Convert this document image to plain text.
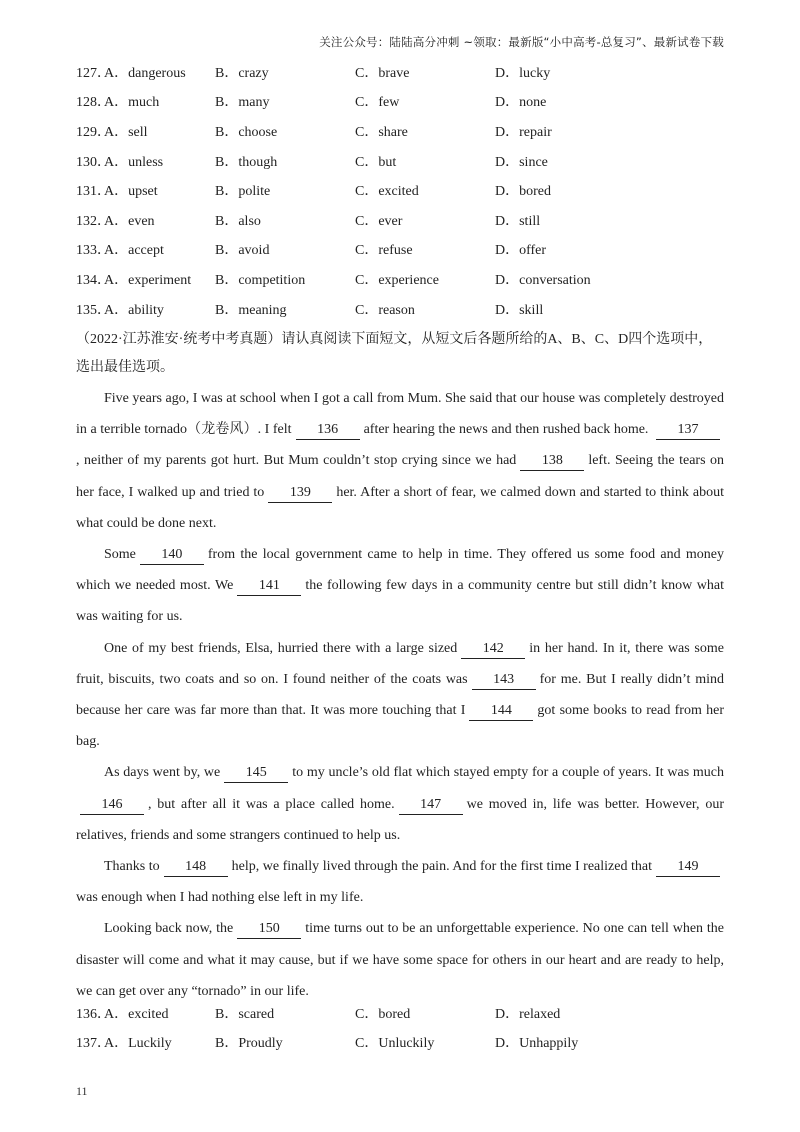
关注公众号：陆陆高分冲刺 ~领取：最新版“小中高考-总复习”、最新试卷下载
127．
A．dangerous	B．crazy	C．brave	D．lucky
128．
A．much	B．many	C．few	D．none
129．
A．sell	B．choose	C．share	D．repair
130．
A．unless	B．though	C．but	D．since
131．
A．upset	B．polite	C．excited	D．bored
132．
A．even	B．also	C．ever	D．still
133．
A．accept	B．avoid	C．refuse	D．offer
134．
A．experiment	B．competition	C．experience	D．conversation
135．
A．ability	B．meaning	C．reason	D．skill
（2022·江苏淮安·统考中考真题）请认真阅读下面短文，从短文后各题所给的A、B、C、D四个选项中，选出最佳选项。

Five years ago, I was at school when I got a call from Mum. She said that our house was completely destroyed in a terrible tornado（龙卷风）. I felt 136 after hearing the news and then rushed back home. 137, neither of my parents got hurt. But Mum couldn’t stop crying since we had 138 left. Seeing the tears on her face, I walked up and tried to 139 her. After a short of fear, we calmed down and started to think about what could be done next.

Some 140 from the local government came to help in time. They offered us some food and money which we needed most. We 141 the following few days in a community centre but still didn’t know what was waiting for us.

One of my best friends, Elsa, hurried there with a large sized 142 in her hand. In it, there was some fruit, biscuits, two coats and so on. I found neither of the coats was 143 for me. But I really didn’t mind because her care was far more than that. It was more touching that I 144 got some books to read from her bag.

As days went by, we 145 to my uncle’s old flat which stayed empty for a couple of years. It was much146 , but after all it was a place called home. 147 we moved in, life was better. However, our relatives, friends and some strangers continued to help us.

Thanks to 148 help, we finally lived through the pain. And for the first time I realized that 149was enough when I had nothing else left in my life.

Looking back now, the 150 time turns out to be an unforgettable experience. No one can tell when the disaster will come and what it may cause, but if we have some space for others in our heart and are ready to help, we can get over any “tornado” in our life.

136．
A．excited	B．scared	C．bored	D．relaxed
137．
A．Luckily	B．Proudly	C．Unluckily	D．Unhappily
11
